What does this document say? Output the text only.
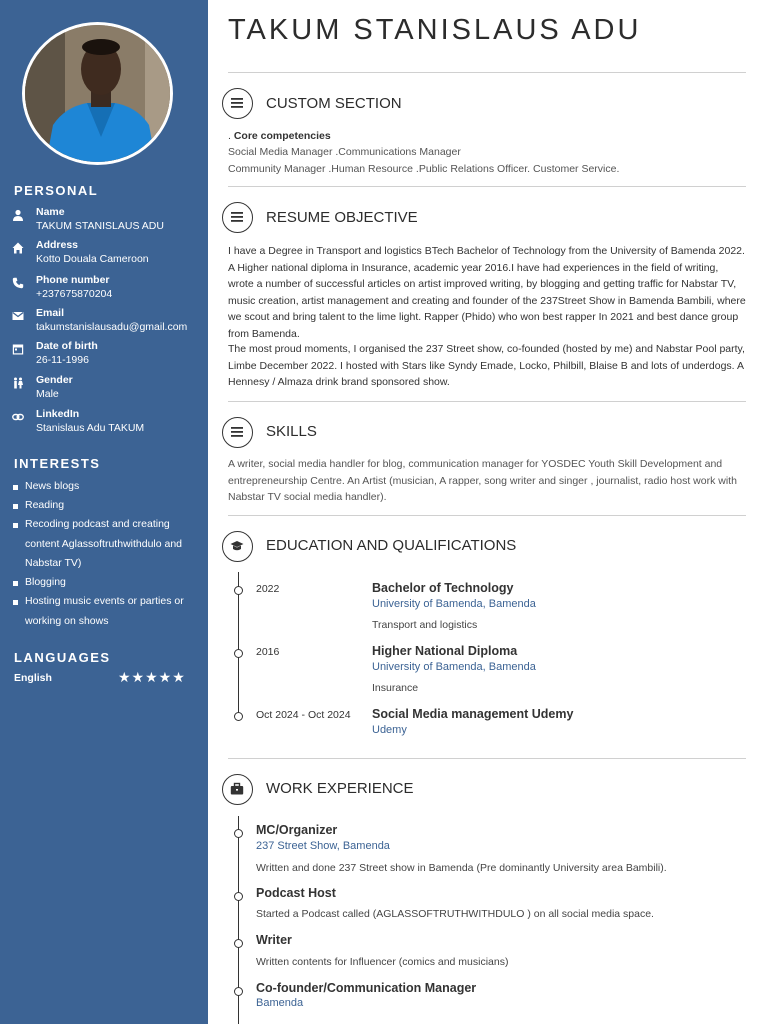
PERSONAL
Name
TAKUM STANISLAUS ADU
Address
Kotto Douala Cameroon
Phone number
+237675870204
Email
takumstanislausadu@gmail.com
Date of birth
26-11-1996
Gender
Male
LinkedIn
Stanislaus Adu TAKUM
INTERESTS
News blogs
Reading
Recoding podcast and creating content Aglassoftruthwithdulo and Nabstar TV)
Blogging
Hosting music events or parties or working on shows
LANGUAGES
English	★★★★★
TAKUM STANISLAUS ADU
CUSTOM SECTION
. Core competencies
Social Media Manager .Communications Manager
Community Manager .Human Resource .Public Relations Officer. Customer Service.
RESUME OBJECTIVE
I have a Degree in Transport and logistics BTech Bachelor of Technology from the University of Bamenda 2022. A Higher national diploma in Insurance, academic year 2016.I have had experiences in the field of writing, wrote a number of successful articles on artist improved writing, by blogging and getting traffic for Nabstar TV, music creation, artist management and creating and founder of the 237Street Show in Bamenda Bambili, where we scout and bring talent to the lime light. Rapper (Phido) who won best rapper In 2021 and best dance group from Bamenda.
The most proud moments, I organised the 237 Street show, co-founded (hosted by me) and Nabstar Pool party, Limbe December 2022. I hosted with Stars like Syndy Emade, Locko, Philbill, Blaise B and lots of underdogs. A Hennesy / Almaza drink brand sponsored show.
SKILLS
A writer, social media handler for blog, communication manager for YOSDEC Youth Skill Development and entrepreneurship Centre. An Artist (musician, A rapper, song writer and singer , journalist, radio host work with Nabstar TV social media handler).
EDUCATION AND QUALIFICATIONS
2022	Bachelor of Technology
University of Bamenda, Bamenda
Transport and logistics
2016	Higher National Diploma
University of Bamenda, Bamenda
Insurance
Oct 2024 - Oct 2024 Social Media management Udemy
Udemy
WORK EXPERIENCE
MC/Organizer
237 Street Show, Bamenda
Written and done 237 Street show in Bamenda (Pre dominantly University area Bambili).
Podcast Host
Started a Podcast called (AGLASSOFTRUTHWITHDULO ) on all social media space.
Writer
Written contents for Influencer (comics and musicians)
Co-founder/Communication Manager
Bamenda
